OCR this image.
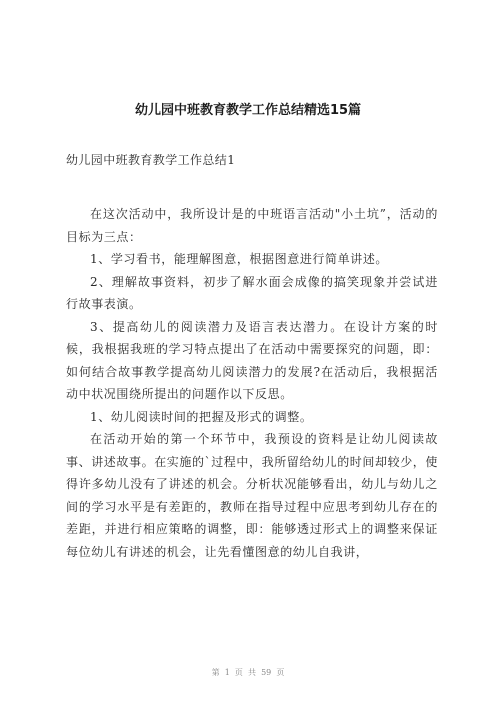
幼儿园中班教育教学工作总结精选15篇
幼儿园中班教育教学工作总结1

在这次活动中，我所设计是的中班语言活动"小土坑”，活动的目标为三点：

1、学习看书，能理解图意，根据图意进行简单讲述。

2、理解故事资料，初步了解水面会成像的搞笑现象并尝试进行故事表演。

3、提高幼儿的阅读潜力及语言表达潜力。在设计方案的时候，我根据我班的学习特点提出了在活动中需要探究的问题，即：如何结合故事教学提高幼儿阅读潜力的发展?在活动后，我根据活动中状况围绕所提出的问题作以下反思。

1、幼儿阅读时间的把握及形式的调整。

在活动开始的第一个环节中，我预设的资料是让幼儿阅读故事、讲述故事。在实施的`过程中，我所留给幼儿的时间却较少，使得许多幼儿没有了讲述的机会。分析状况能够看出，幼儿与幼儿之间的学习水平是有差距的，教师在指导过程中应思考到幼儿存在的差距，并进行相应策略的调整，即：能够透过形式上的调整来保证每位幼儿有讲述的机会，让先看懂图意的幼儿自我讲，

第  1  页  共  59  页
